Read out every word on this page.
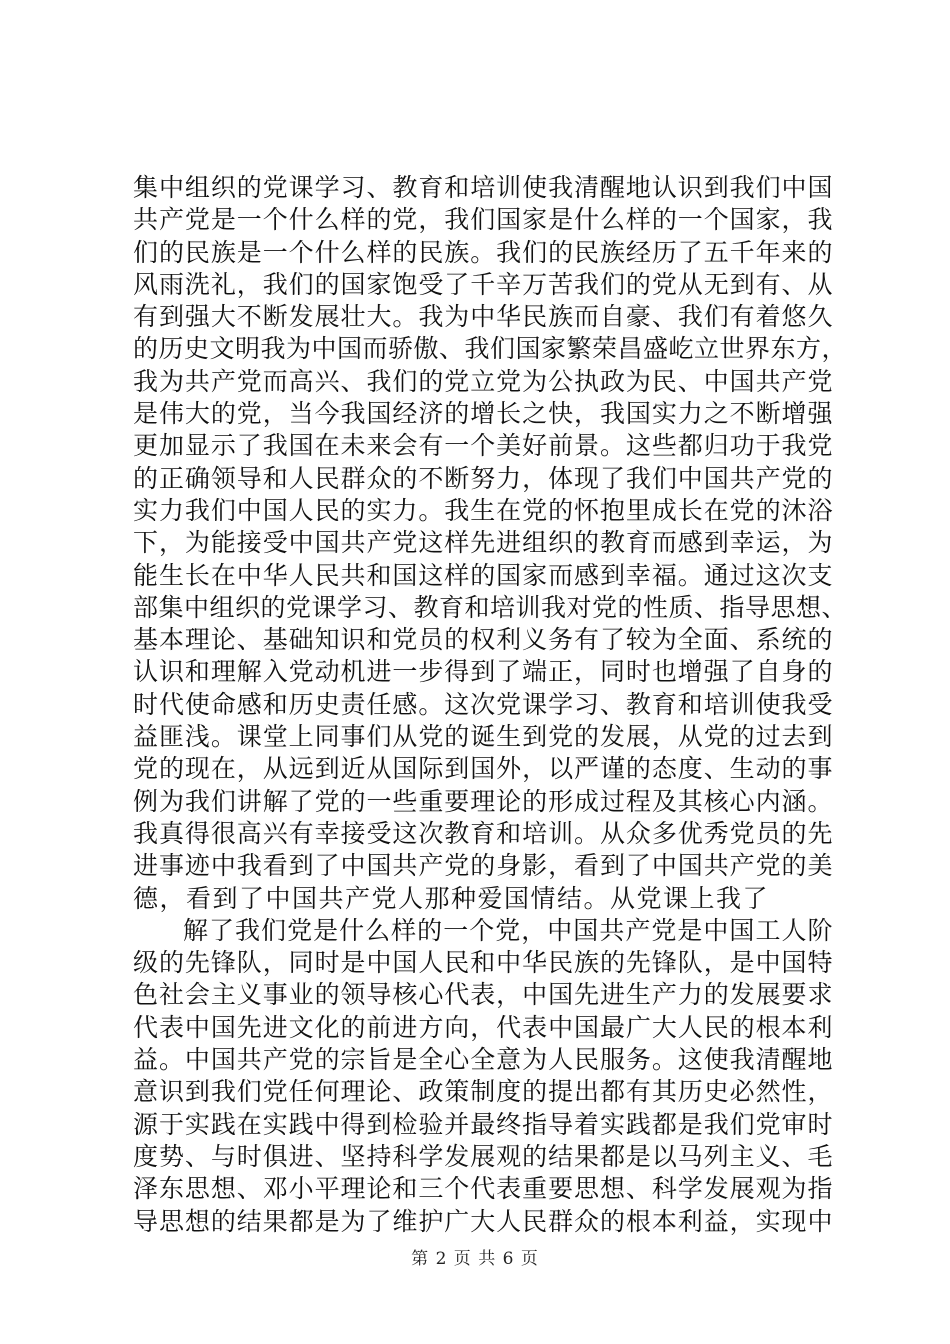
集中组织的党课学习、教育和培训使我清醒地认识到我们中国
共产党是一个什么样的党，我们国家是什么样的一个国家，我
们的民族是一个什么样的民族。我们的民族经历了五千年来的
风雨洗礼，我们的国家饱受了千辛万苦我们的党从无到有、从
有到强大不断发展壮大。我为中华民族而自豪、我们有着悠久
的历史文明我为中国而骄傲、我们国家繁荣昌盛屹立世界东方，
我为共产党而高兴、我们的党立党为公执政为民、中国共产党
是伟大的党，当今我国经济的增长之快，我国实力之不断增强
更加显示了我国在未来会有一个美好前景。这些都归功于我党
的正确领导和人民群众的不断努力，体现了我们中国共产党的
实力我们中国人民的实力。我生在党的怀抱里成长在党的沐浴
下，为能接受中国共产党这样先进组织的教育而感到幸运，为
能生长在中华人民共和国这样的国家而感到幸福。通过这次支
部集中组织的党课学习、教育和培训我对党的性质、指导思想、
基本理论、基础知识和党员的权利义务有了较为全面、系统的
认识和理解入党动机进一步得到了端正，同时也增强了自身的
时代使命感和历史责任感。这次党课学习、教育和培训使我受
益匪浅。课堂上同事们从党的诞生到党的发展，从党的过去到
党的现在，从远到近从国际到国外，以严谨的态度、生动的事
例为我们讲解了党的一些重要理论的形成过程及其核心内涵。
我真得很高兴有幸接受这次教育和培训。从众多优秀党员的先
进事迹中我看到了中国共产党的身影，看到了中国共产党的美
德，看到了中国共产党人那种爱国情结。从党课上我了
解了我们党是什么样的一个党，中国共产党是中国工人阶
级的先锋队，同时是中国人民和中华民族的先锋队，是中国特
色社会主义事业的领导核心代表，中国先进生产力的发展要求
代表中国先进文化的前进方向，代表中国最广大人民的根本利
益。中国共产党的宗旨是全心全意为人民服务。这使我清醒地
意识到我们党任何理论、政策制度的提出都有其历史必然性，
源于实践在实践中得到检验并最终指导着实践都是我们党审时
度势、与时俱进、坚持科学发展观的结果都是以马列主义、毛
泽东思想、邓小平理论和三个代表重要思想、科学发展观为指
导思想的结果都是为了维护广大人民群众的根本利益，实现中
第 2 页 共 6 页
